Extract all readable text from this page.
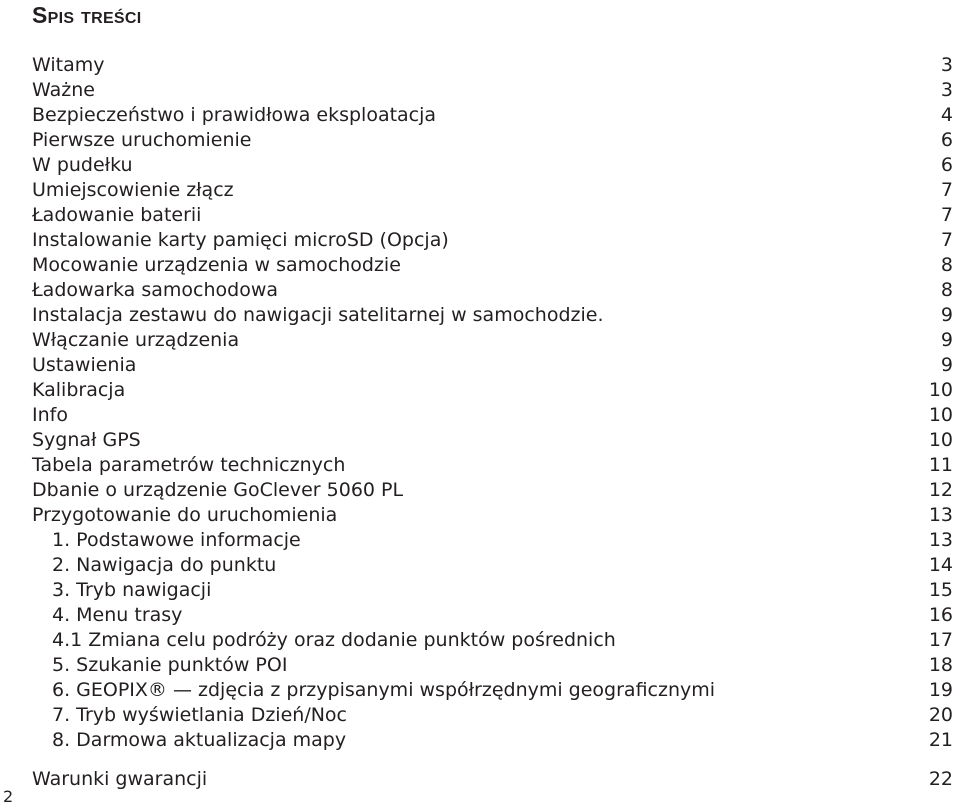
Spis treści
Witamy	3
Ważne	3
Bezpieczeństwo i prawidłowa eksploatacja	4
Pierwsze uruchomienie	6
W pudełku	6
Umiejscowienie złącz	7
Ładowanie baterii	7
Instalowanie karty pamięci microSD (Opcja)	7
Mocowanie urządzenia w samochodzie	8
Ładowarka samochodowa	8
Instalacja zestawu do nawigacji satelitarnej w samochodzie.	9
Włączanie urządzenia	9
Ustawienia	9
Kalibracja	10
Info	10
Sygnał GPS	10
Tabela parametrów technicznych	11
Dbanie o urządzenie GoClever 5060 PL	12
Przygotowanie do uruchomienia	13
1. Podstawowe informacje	13
2. Nawigacja do punktu	14
3. Tryb nawigacji	15
4. Menu trasy	16
4.1 Zmiana celu podróży oraz dodanie punktów pośrednich	17
5. Szukanie punktów POI	18
6. GEOPIX® — zdjęcia z przypisanymi współrzędnymi geograficznymi	19
7. Tryb wyświetlania Dzień/Noc	20
8. Darmowa aktualizacja mapy	21
Warunki gwarancji	22
2
